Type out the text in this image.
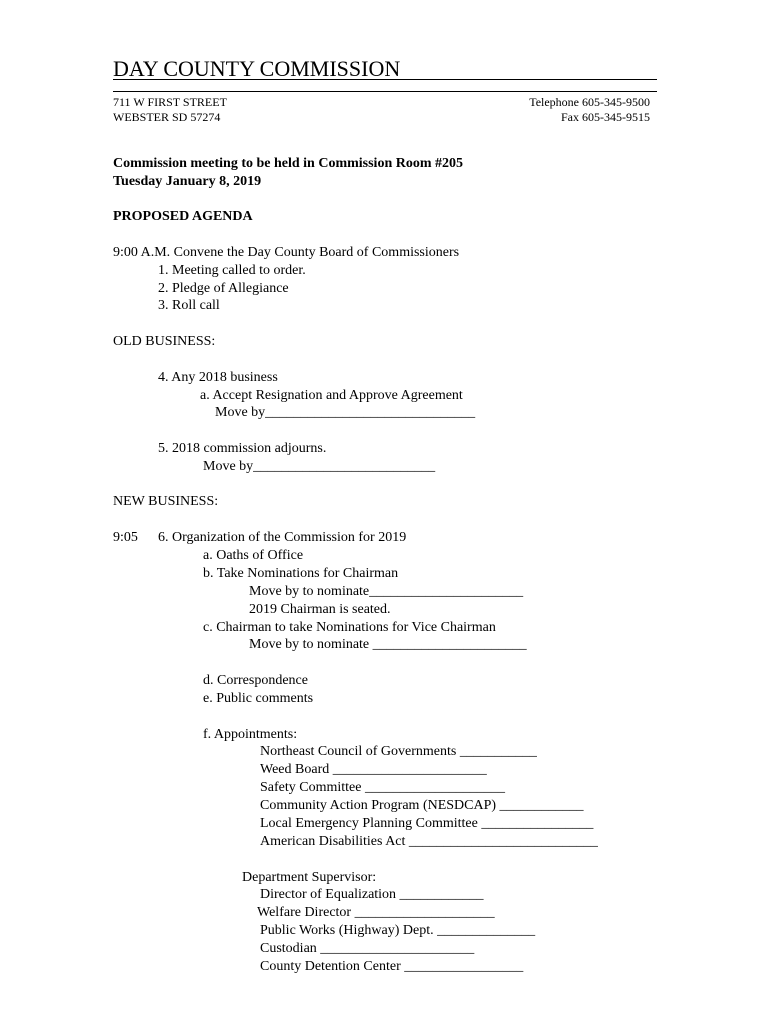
DAY COUNTY COMMISSION
711 W FIRST STREET
WEBSTER SD 57274
Telephone 605-345-9500
Fax 605-345-9515
Commission meeting to be held in Commission Room #205
Tuesday January 8, 2019
PROPOSED AGENDA
9:00 A.M. Convene the Day County Board of Commissioners
1. Meeting called to order.
2. Pledge of Allegiance
3. Roll call
OLD BUSINESS:
4. Any 2018 business
a. Accept Resignation and Approve Agreement
Move by______________________________
5. 2018 commission adjourns.
Move by__________________________
NEW BUSINESS:
9:05 6. Organization of the Commission for 2019
a. Oaths of Office
b. Take Nominations for Chairman
Move by to nominate______________________
2019 Chairman is seated.
c. Chairman to take Nominations for Vice Chairman
Move by to nominate ______________________
d. Correspondence
e. Public comments
f. Appointments:
Northeast Council of Governments ___________
Weed Board ______________________
Safety Committee ____________________
Community Action Program (NESDCAP) ____________
Local Emergency Planning Committee ________________
American Disabilities Act ___________________________
Department Supervisor:
Director of Equalization ____________
Welfare Director ____________________
Public Works (Highway) Dept. ______________
Custodian ______________________
County Detention Center _________________
